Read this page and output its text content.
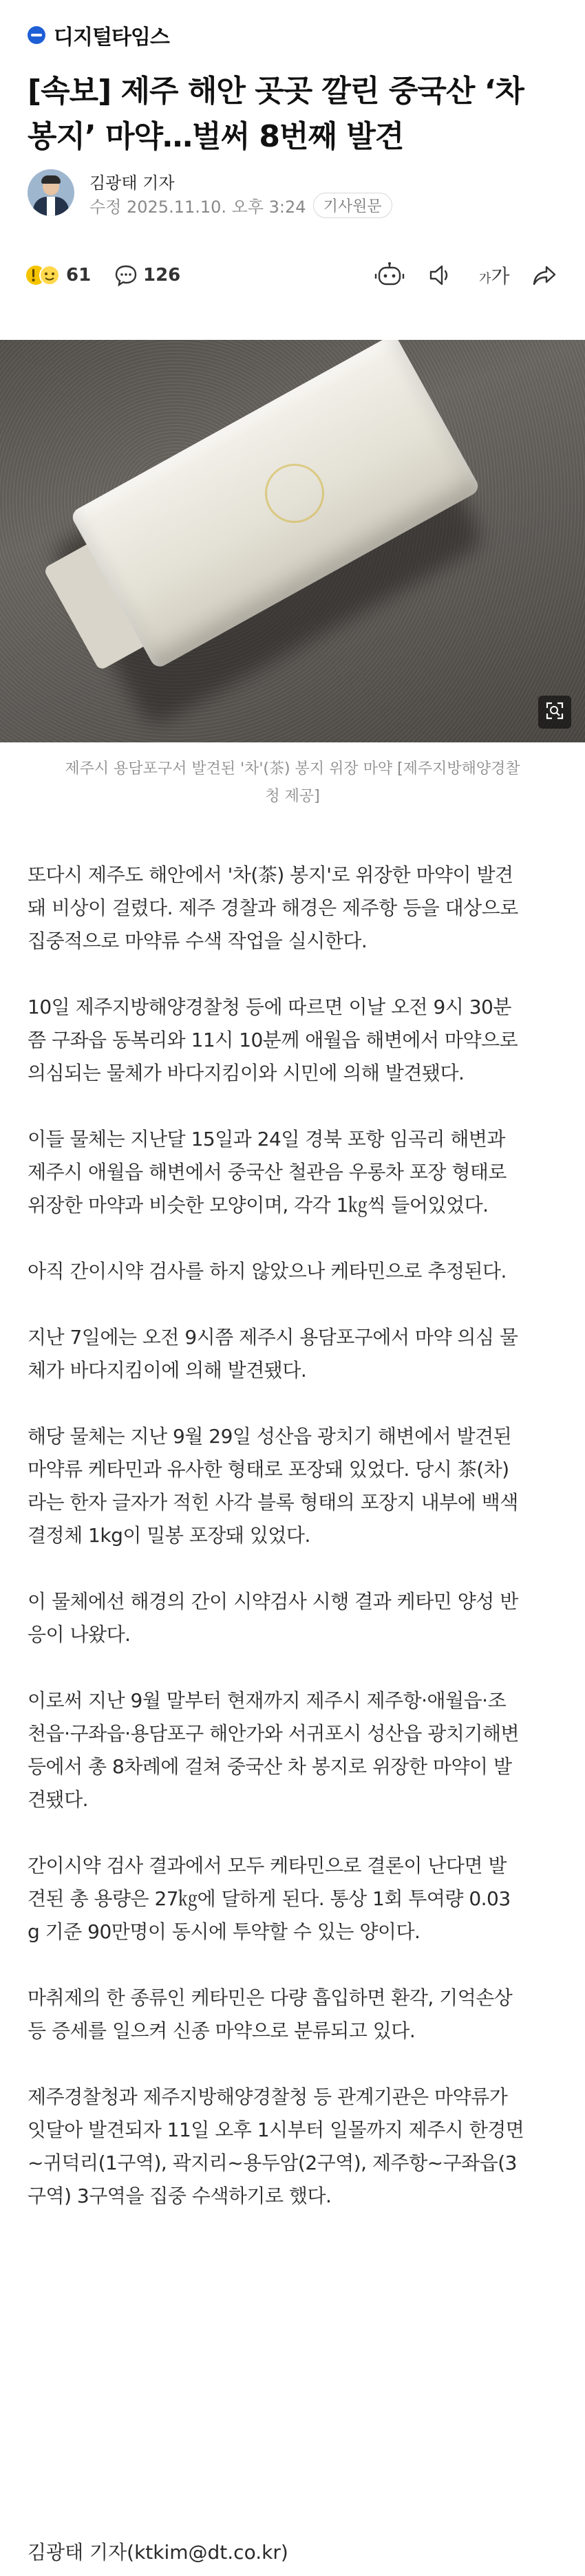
디지털타임스
[속보] 제주 해안 곳곳 깔린 중국산 ‘차
봉지’ 마약…벌써 8번째 발견
김광태 기자
수정 2025.11.10. 오후 3:24	기사원문
61	126	가 가
제주시 용담포구서 발견된 '차'(茶) 봉지 위장 마약 [제주지방해양경찰
청 제공]

또다시 제주도 해안에서 '차(茶) 봉지'로 위장한 마약이 발견
돼 비상이 걸렸다. 제주 경찰과 해경은 제주항 등을 대상으로
집중적으로 마약류 수색 작업을 실시한다.

10일 제주지방해양경찰청 등에 따르면 이날 오전 9시 30분
쯤 구좌읍 동복리와 11시 10분께 애월읍 해변에서 마약으로
의심되는 물체가 바다지킴이와 시민에 의해 발견됐다.

이들 물체는 지난달 15일과 24일 경북 포항 임곡리 해변과
제주시 애월읍 해변에서 중국산 철관음 우롱차 포장 형태로
위장한 마약과 비슷한 모양이며, 각각 1㎏씩 들어있었다.

아직 간이시약 검사를 하지 않았으나 케타민으로 추정된다.

지난 7일에는 오전 9시쯤 제주시 용담포구에서 마약 의심 물
체가 바다지킴이에 의해 발견됐다.

해당 물체는 지난 9월 29일 성산읍 광치기 해변에서 발견된
마약류 케타민과 유사한 형태로 포장돼 있었다. 당시 茶(차)
라는 한자 글자가 적힌 사각 블록 형태의 포장지 내부에 백색
결정체 1kg이 밀봉 포장돼 있었다.

이 물체에선 해경의 간이 시약검사 시행 결과 케타민 양성 반
응이 나왔다.

이로써 지난 9월 말부터 현재까지 제주시 제주항·애월읍·조
천읍·구좌읍·용담포구 해안가와 서귀포시 성산읍 광치기해변
등에서 총 8차례에 걸쳐 중국산 차 봉지로 위장한 마약이 발
견됐다.

간이시약 검사 결과에서 모두 케타민으로 결론이 난다면 발
견된 총 용량은 27㎏에 달하게 된다. 통상 1회 투여량 0.03
g 기준 90만명이 동시에 투약할 수 있는 양이다.

마취제의 한 종류인 케타민은 다량 흡입하면 환각, 기억손상
등 증세를 일으켜 신종 마약으로 분류되고 있다.

제주경찰청과 제주지방해양경찰청 등 관계기관은 마약류가
잇달아 발견되자 11일 오후 1시부터 일몰까지 제주시 한경면
~귀덕리(1구역), 곽지리~용두암(2구역), 제주항~구좌읍(3
구역) 3구역을 집중 수색하기로 했다.

김광태 기자(ktkim@dt.co.kr)
